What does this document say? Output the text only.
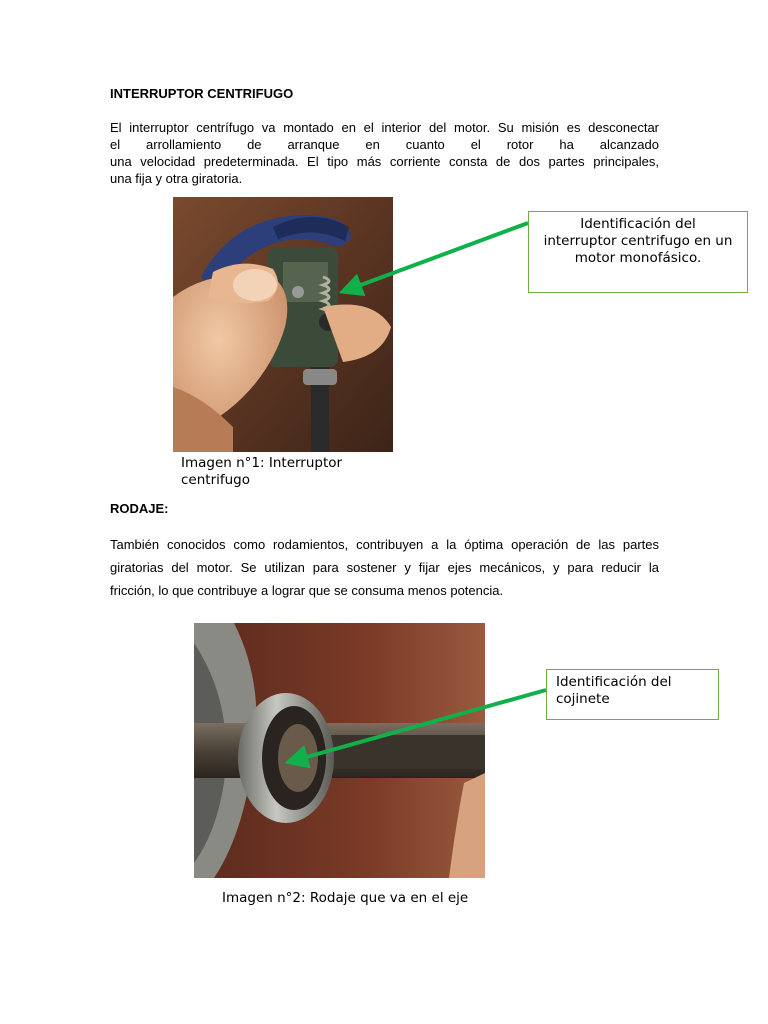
INTERRUPTOR CENTRIFUGO
El interruptor centrífugo va montado en el interior del motor. Su misión es desconectar
el arrollamiento de arranque en cuanto el rotor ha alcanzado
una velocidad predeterminada. El tipo más corriente consta de dos partes principales,
una fija y otra giratoria.
Identificación del interruptor centrifugo en un motor monofásico.
Imagen n°1: Interruptor centrifugo
RODAJE:
También conocidos como rodamientos, contribuyen a la óptima operación de las partes
giratorias del motor. Se utilizan para sostener y fijar ejes mecánicos, y para reducir la
fricción, lo que contribuye a lograr que se consuma menos potencia.
Identificación del cojinete
Imagen n°2: Rodaje que va en el eje
